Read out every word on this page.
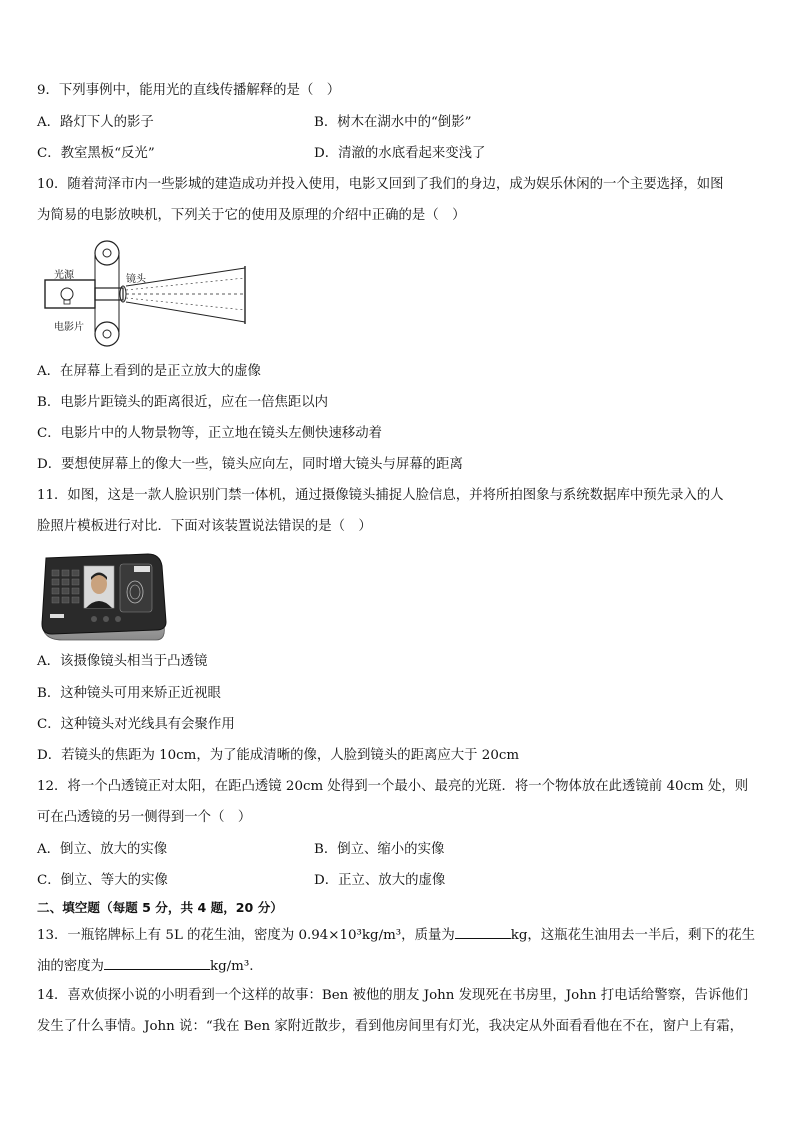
9．下列事例中，能用光的直线传播解释的是（　）
A．路灯下人的影子	B．树木在湖水中的“倒影”
C．教室黑板“反光”	D．清澈的水底看起来变浅了
10．随着菏泽市内一些影城的建造成功并投入使用，电影又回到了我们的身边，成为娱乐休闲的一个主要选择，如图
为简易的电影放映机，下列关于它的使用及原理的介绍中正确的是（　）
光源	镜头
电影片
A．在屏幕上看到的是正立放大的虚像
B．电影片距镜头的距离很近，应在一倍焦距以内
C．电影片中的人物景物等，正立地在镜头左侧快速移动着
D．要想使屏幕上的像大一些，镜头应向左，同时增大镜头与屏幕的距离
11．如图，这是一款人脸识别门禁一体机，通过摄像镜头捕捉人脸信息，并将所拍图象与系统数据库中预先录入的人
脸照片模板进行对比．下面对该装置说法错误的是（　）
A．该摄像镜头相当于凸透镜
B．这种镜头可用来矫正近视眼
C．这种镜头对光线具有会聚作用
D．若镜头的焦距为 10cm，为了能成清晰的像，人脸到镜头的距离应大于 20cm
12．将一个凸透镜正对太阳，在距凸透镜 20cm 处得到一个最小、最亮的光斑．将一个物体放在此透镜前 40cm 处，则
可在凸透镜的另一侧得到一个（　）
A．倒立、放大的实像	B．倒立、缩小的实像
C．倒立、等大的实像	D．正立、放大的虚像
二、填空题（每题 5 分，共 4 题，20 分）
13．一瓶铭牌标上有 5L 的花生油，密度为 0.94×10³kg/m³，质量为	kg，这瓶花生油用去一半后，剩下的花生
油的密度为	kg/m³.
14．喜欢侦探小说的小明看到一个这样的故事：Ben 被他的朋友 John 发现死在书房里，John 打电话给警察，告诉他们
发生了什么事情。John 说：“我在 Ben 家附近散步，看到他房间里有灯光，我决定从外面看看他在不在，窗户上有霜，
